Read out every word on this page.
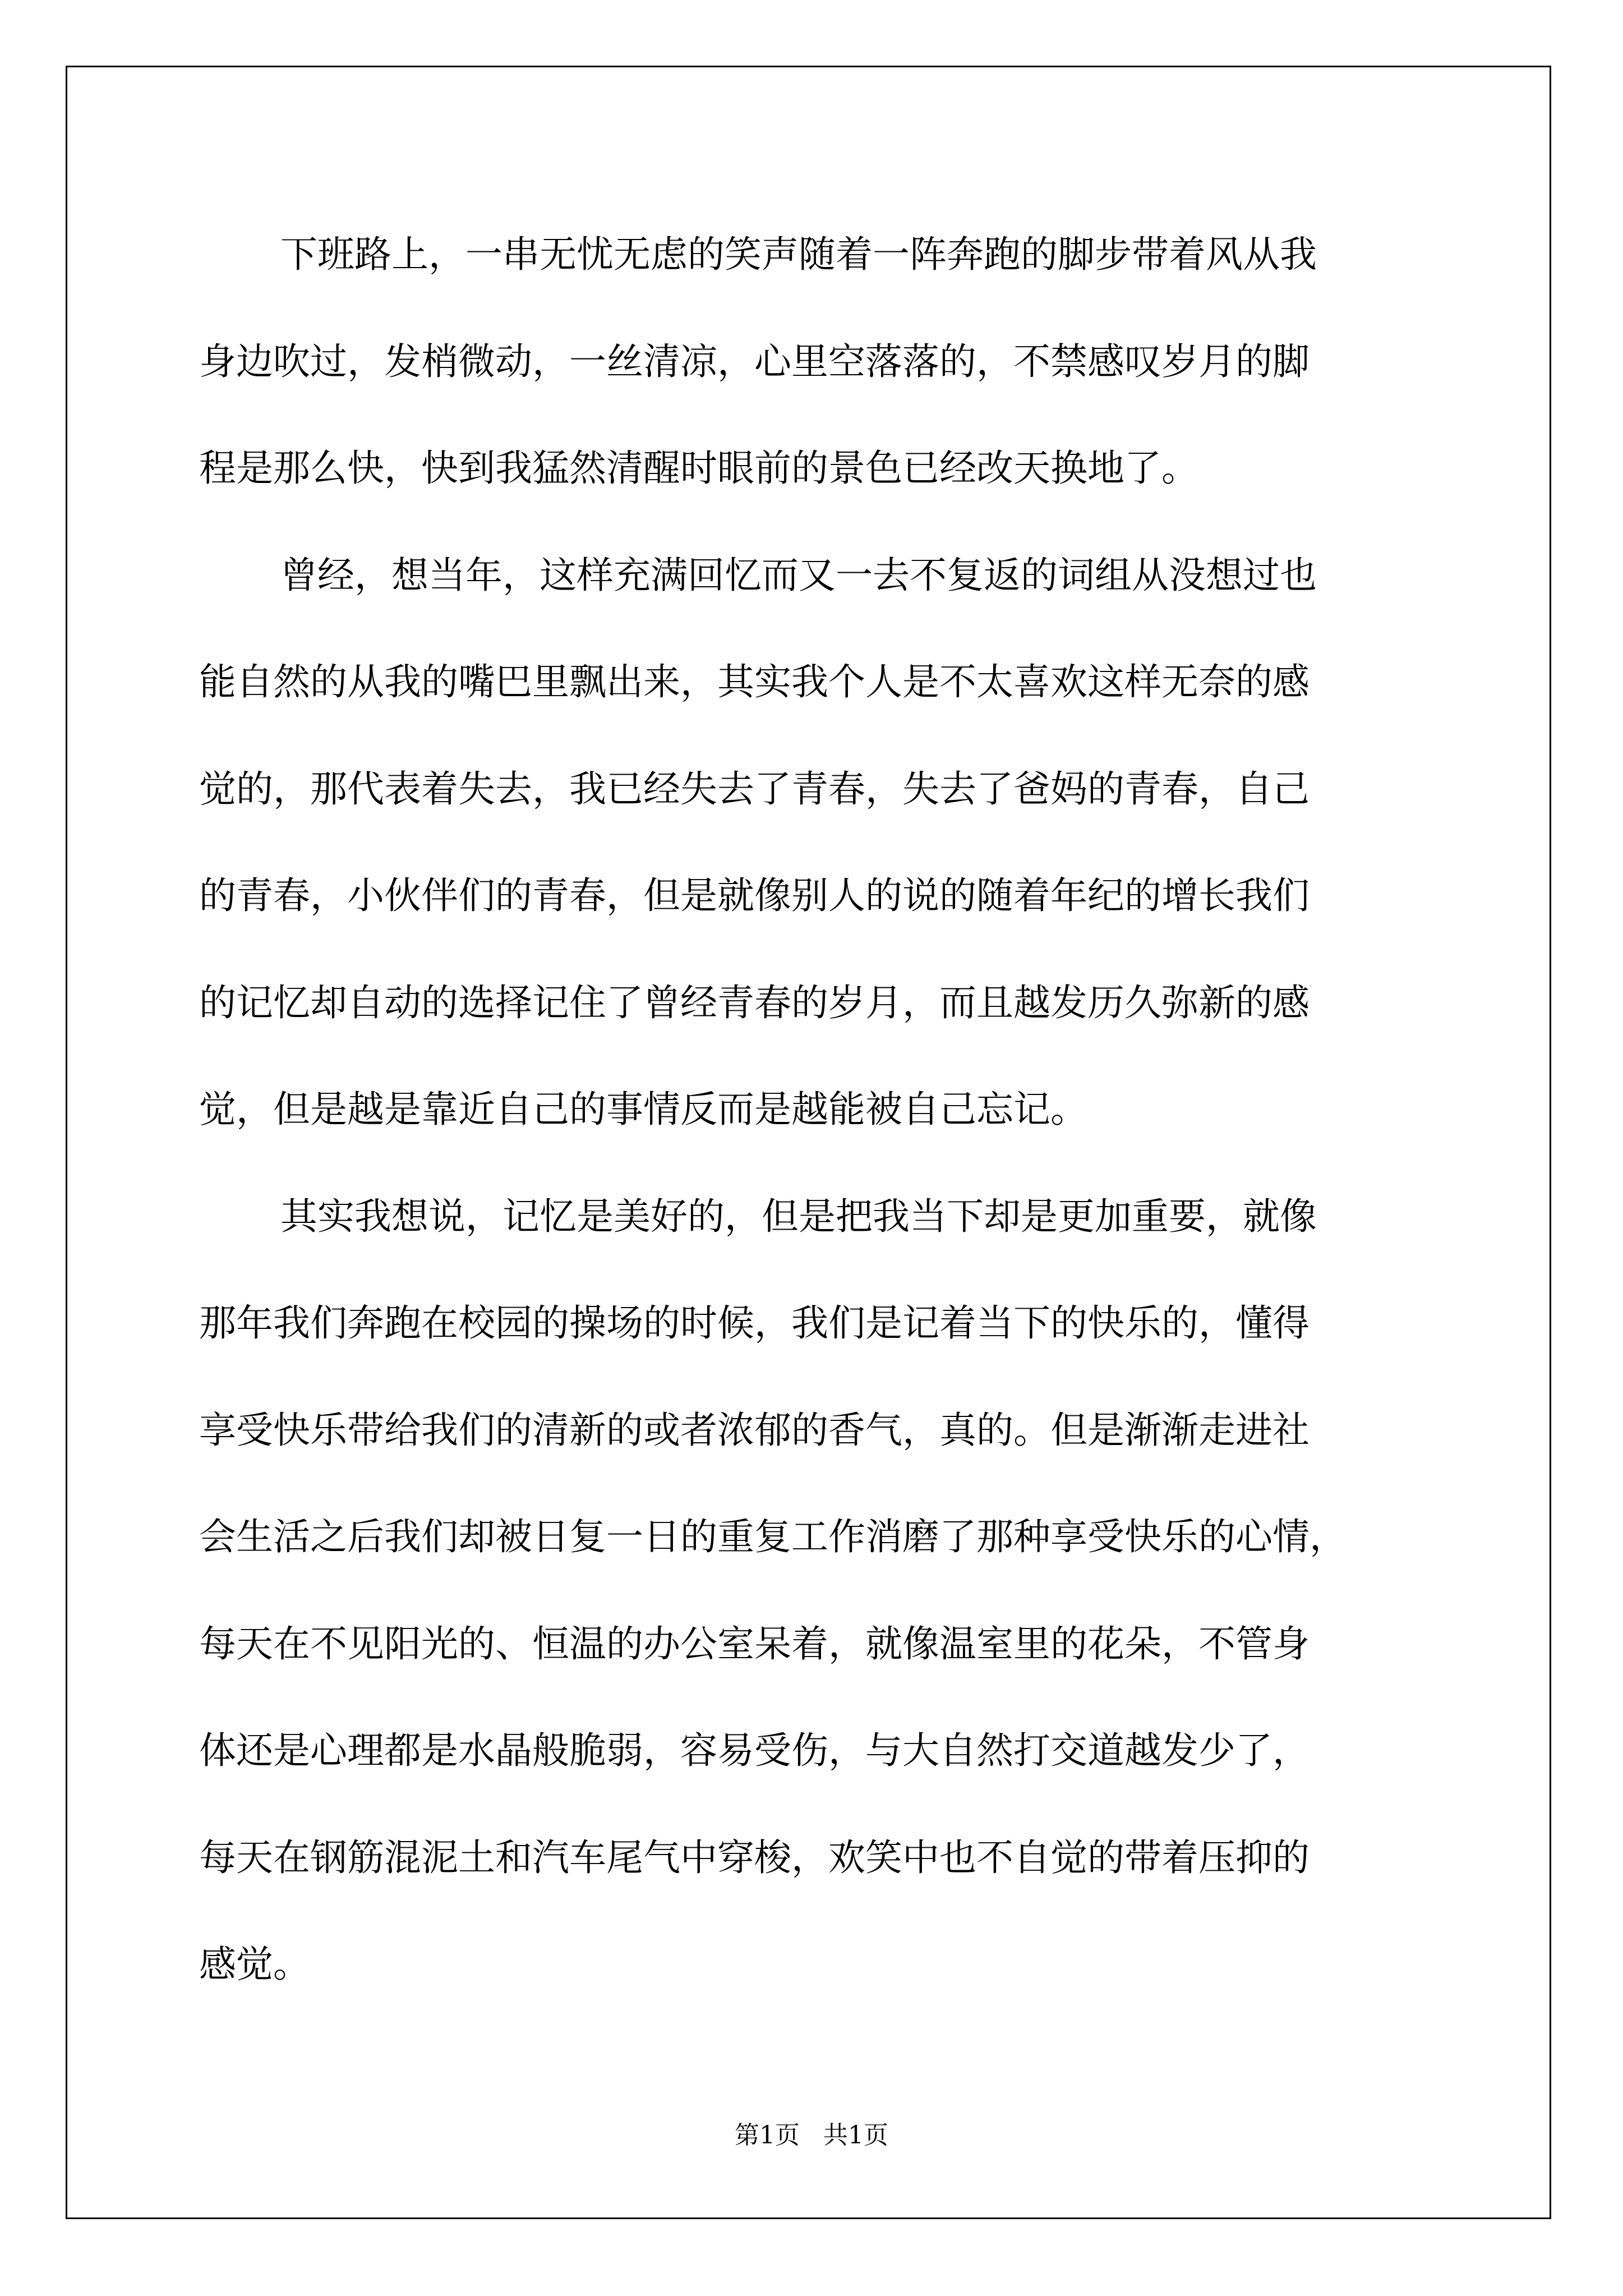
下班路上，一串无忧无虑的笑声随着一阵奔跑的脚步带着风从我
身边吹过，发梢微动，一丝清凉，心里空落落的，不禁感叹岁月的脚
程是那么快，快到我猛然清醒时眼前的景色已经改天换地了。
曾经，想当年，这样充满回忆而又一去不复返的词组从没想过也
能自然的从我的嘴巴里飘出来，其实我个人是不太喜欢这样无奈的感
觉的，那代表着失去，我已经失去了青春，失去了爸妈的青春，自己
的青春，小伙伴们的青春，但是就像别人的说的随着年纪的增长我们
的记忆却自动的选择记住了曾经青春的岁月，而且越发历久弥新的感
觉，但是越是靠近自己的事情反而是越能被自己忘记。
其实我想说，记忆是美好的，但是把我当下却是更加重要，就像
那年我们奔跑在校园的操场的时候，我们是记着当下的快乐的，懂得
享受快乐带给我们的清新的或者浓郁的香气，真的。但是渐渐走进社
会生活之后我们却被日复一日的重复工作消磨了那种享受快乐的心情，
每天在不见阳光的、恒温的办公室呆着，就像温室里的花朵，不管身
体还是心理都是水晶般脆弱，容易受伤，与大自然打交道越发少了，
每天在钢筋混泥土和汽车尾气中穿梭，欢笑中也不自觉的带着压抑的
感觉。
第1页   共1页
